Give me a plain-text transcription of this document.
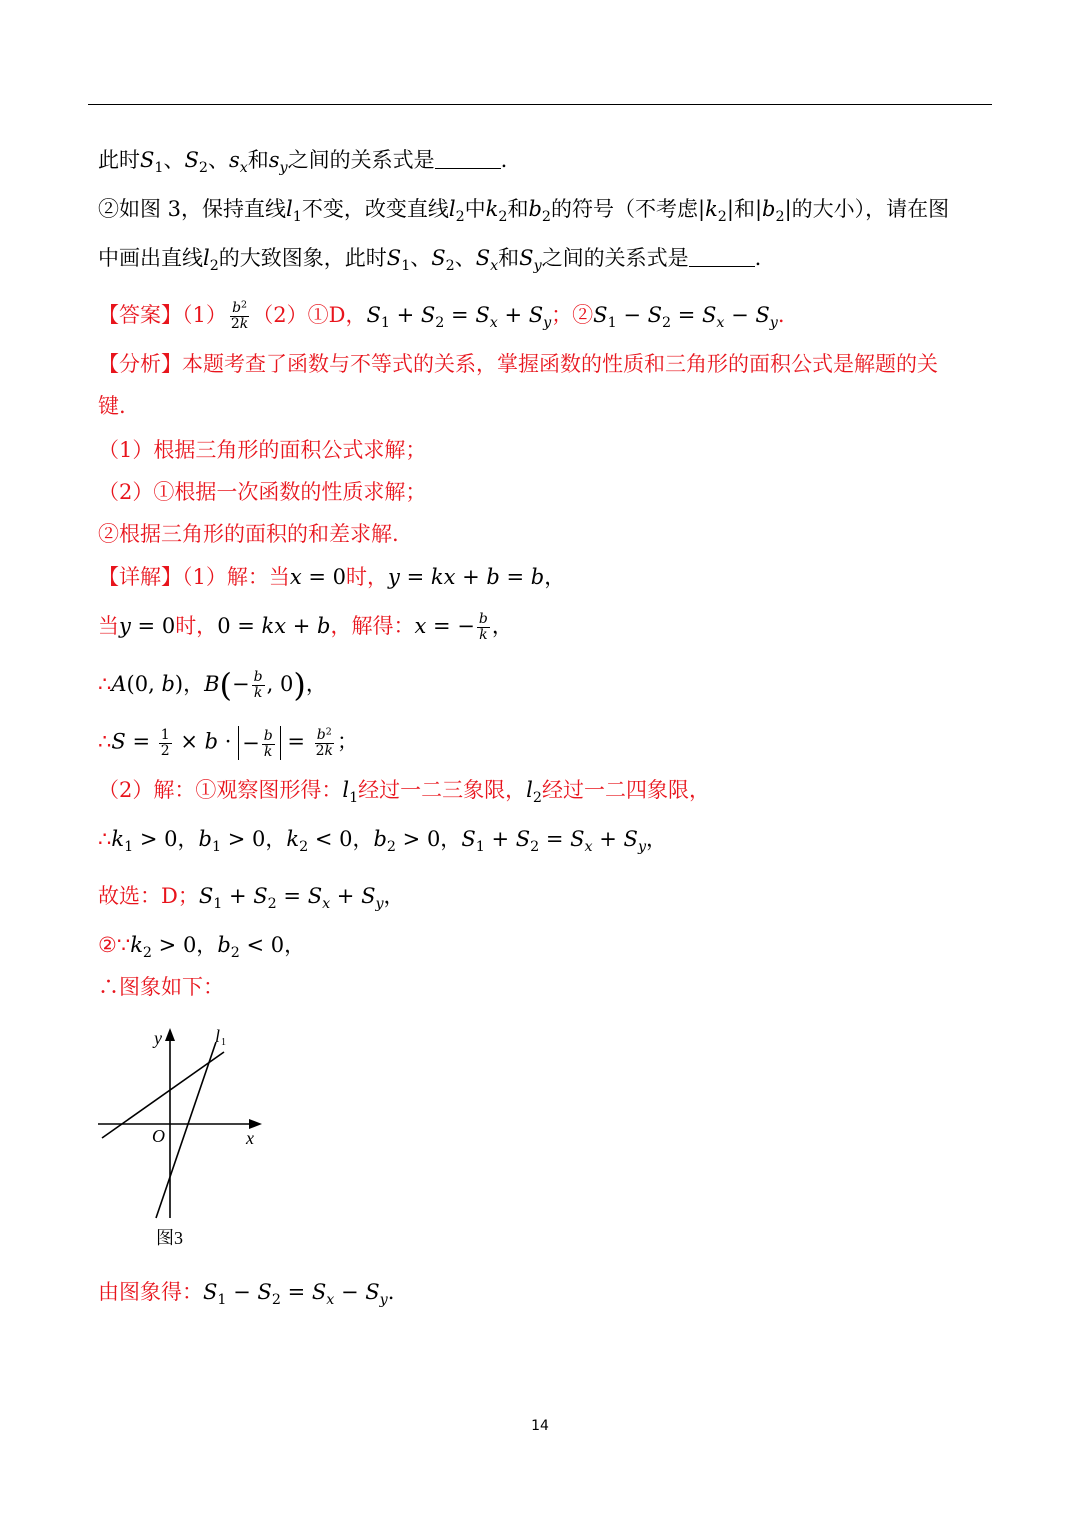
此时$S_1$、$S_2$、$s_x$和$s_y$之间的关系式是	.
②如图 3，保持直线$l_1$不变，改变直线$l_2$中$k_2$和$b_2$的符号（不考虑$|k_2|$和$|b_2|$的大小），请在图
中画出直线$l_2$的大致图象，此时$S_1$、$S_2$、$S_x$和$S_y$之间的关系式是	.
【答案】$(1) \frac{b^2}{2k}$ （2）①D，$S_1 + S_2 = S_x + S_y$；$②S_1 - S_2 = S_x - S_y$.
【分析】本题考查了函数与不等式的关系，掌握函数的性质和三角形的面积公式是解题的关
键.
（1）根据三角形的面积公式求解；
（2）①根据一次函数的性质求解；
②根据三角形的面积的和差求解.
【详解】（1）解：当x = 0时，y = kx + b = b，
当y = 0时，0 = kx + b，解得：x = − $\frac{b}{k}$ ，
∴A(0, b)，$B(- \frac{b}{k}$ , 0)，
∴S = $\frac{1}{2} \times b$ · − $\frac{b}{k} = \frac{b^2}{2k}$ ；
（2）解：①观察图形得：$l_1$经过一二三象限，$l_2$经过一二四象限，
$\therefore k_1 > 0$，$b_1 > 0$，$k_2 < 0$，$b_2 > 0$，$S_1 + S_2 = S_x + S_y$，
故选：D；$S_1 + S_2 = S_x + S_y$，
$②\because k_2 > 0$，$b_2 < 0$，
∴图象如下：
y
x
O
l 1
图3
由图象得：$S_1 - S_2 = S_x - S_y$.
14
